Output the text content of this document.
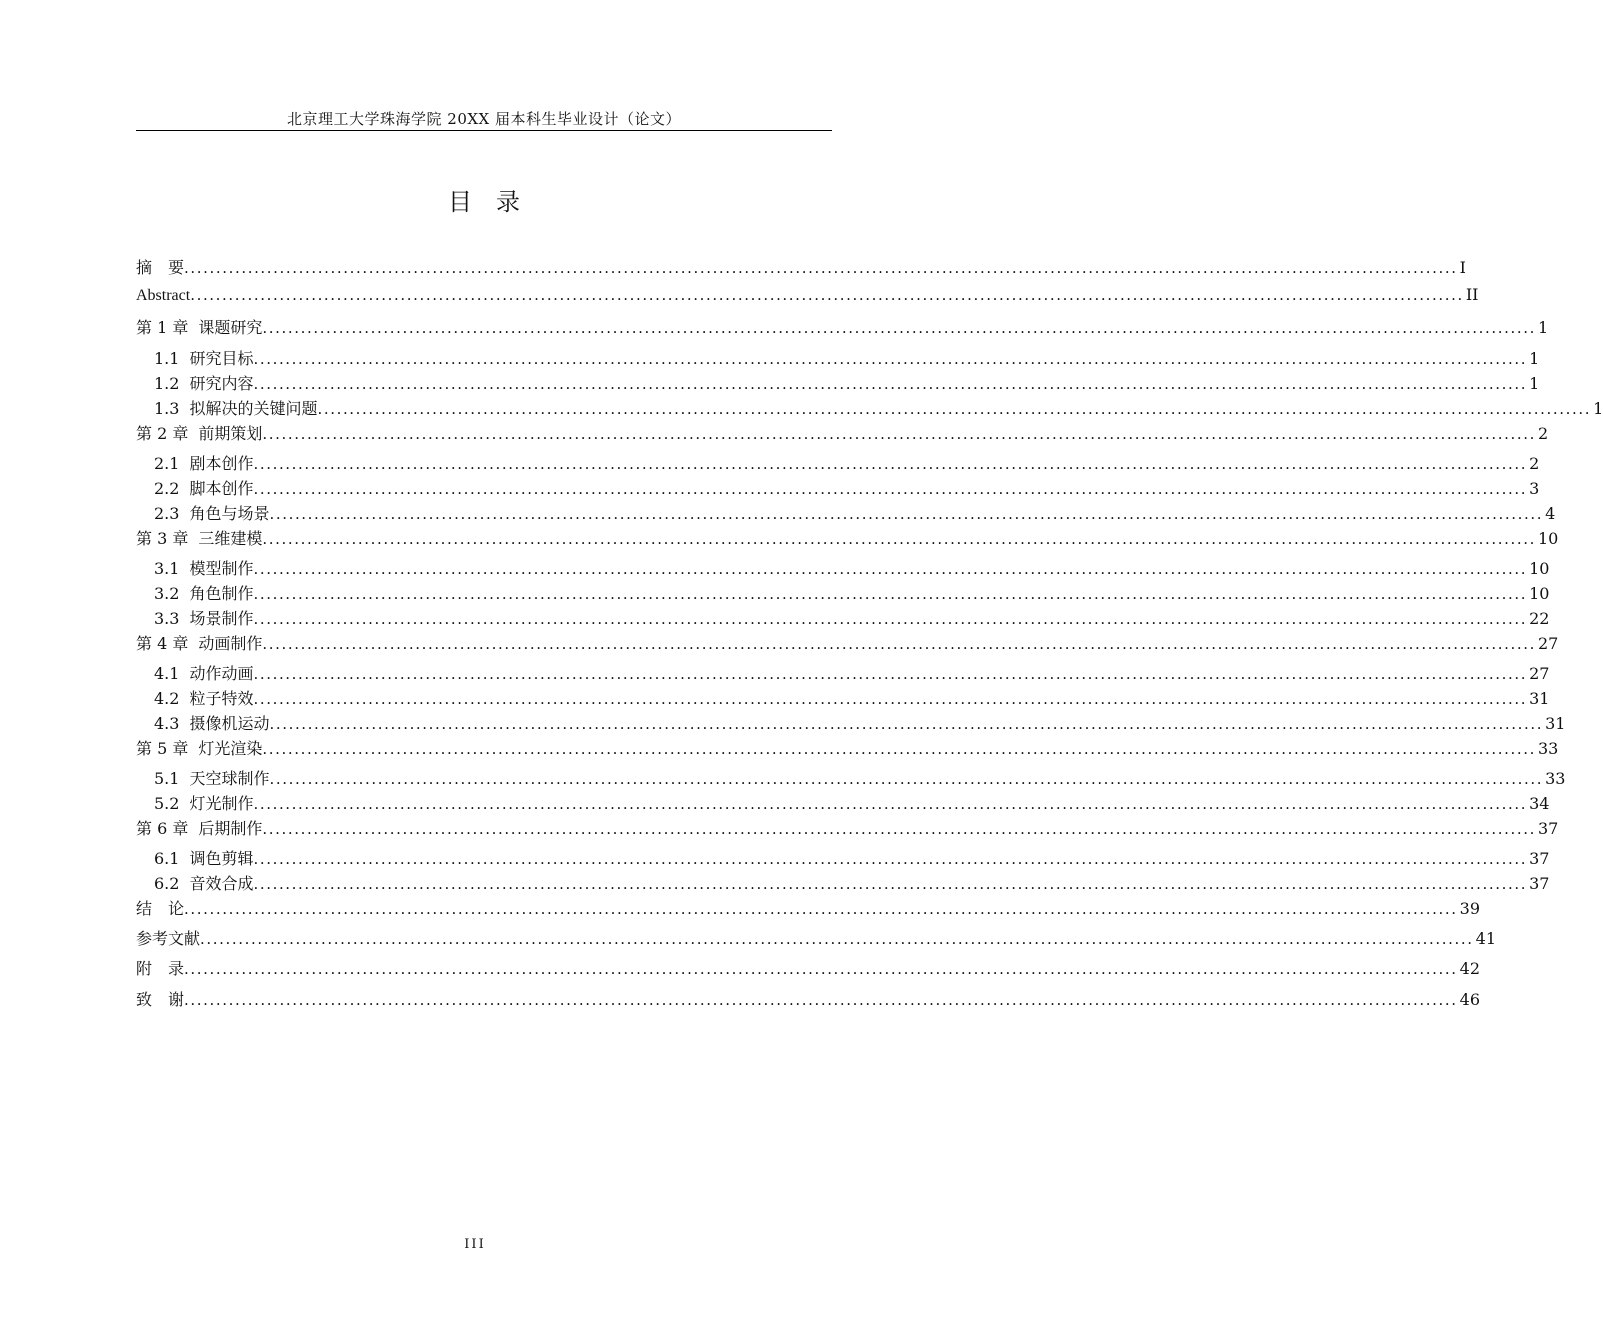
北京理工大学珠海学院 20XX 届本科生毕业设计（论文）
目录
摘　要 ........................................................................................................................................................................................................ I
Abstract ........................................................................................................................................................................................................ II
第 1 章 课题研究 ........................................................................................................................................................................................................ 1
1.1 研究目标 ........................................................................................................................................................................................................ 1
1.2 研究内容 ........................................................................................................................................................................................................ 1
1.3 拟解决的关键问题 ........................................................................................................................................................................................................ 1
第 2 章 前期策划 ........................................................................................................................................................................................................ 2
2.1 剧本创作 ........................................................................................................................................................................................................ 2
2.2 脚本创作 ........................................................................................................................................................................................................ 3
2.3 角色与场景 ........................................................................................................................................................................................................ 4
第 3 章 三维建模 ........................................................................................................................................................................................................ 10
3.1 模型制作 ........................................................................................................................................................................................................ 10
3.2 角色制作 ........................................................................................................................................................................................................ 10
3.3 场景制作 ........................................................................................................................................................................................................ 22
第 4 章 动画制作 ........................................................................................................................................................................................................ 27
4.1 动作动画 ........................................................................................................................................................................................................ 27
4.2 粒子特效 ........................................................................................................................................................................................................ 31
4.3 摄像机运动 ........................................................................................................................................................................................................ 31
第 5 章 灯光渲染 ........................................................................................................................................................................................................ 33
5.1 天空球制作 ........................................................................................................................................................................................................ 33
5.2 灯光制作 ........................................................................................................................................................................................................ 34
第 6 章 后期制作 ........................................................................................................................................................................................................ 37
6.1 调色剪辑 ........................................................................................................................................................................................................ 37
6.2 音效合成 ........................................................................................................................................................................................................ 37
结　论 ........................................................................................................................................................................................................ 39
参考文献 ........................................................................................................................................................................................................ 41
附　录 ........................................................................................................................................................................................................ 42
致　谢 ........................................................................................................................................................................................................ 46
III
